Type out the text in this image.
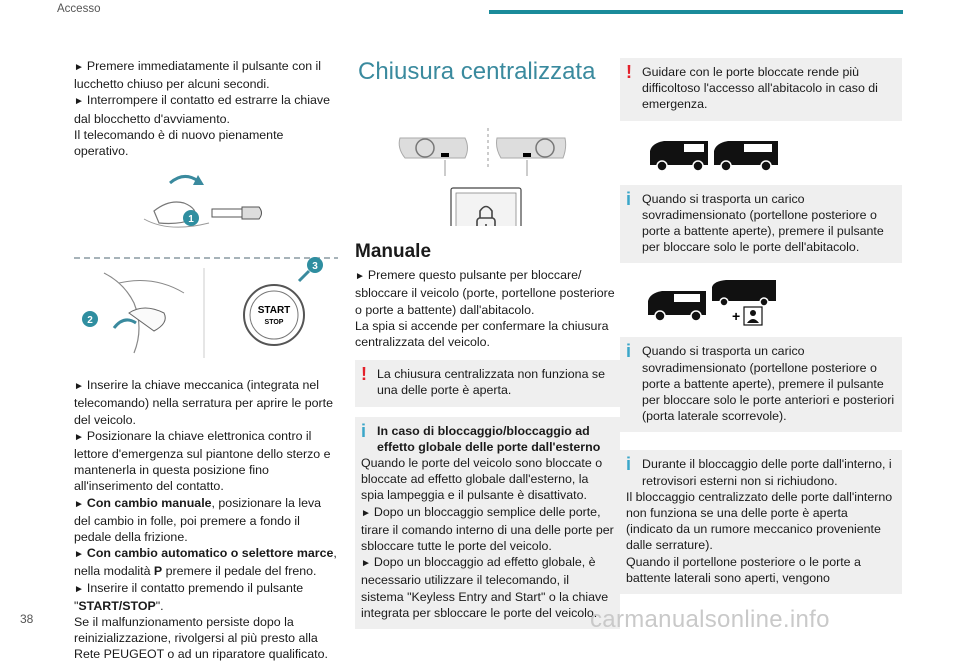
Accesso

► Premere immediatamente il pulsante con il lucchetto chiuso per alcuni secondi.

► Interrompere il contatto ed estrarre la chiave dal blocchetto d'avviamento.

Il telecomando è di nuovo pienamente operativo.

1
2
START
STOP
3

► Inserire la chiave meccanica (integrata nel telecomando) nella serratura per aprire le porte del veicolo.

► Posizionare la chiave elettronica contro il lettore d'emergenza sul piantone dello sterzo e mantenerla in questa posizione fino all'inserimento del contatto.

► Con cambio manuale, posizionare la leva del cambio in folle, poi premere a fondo il pedale della frizione.

► Con cambio automatico o selettore marce, nella modalità P premere il pedale del freno.

► Inserire il contatto premendo il pulsante "START/STOP".

Se il malfunzionamento persiste dopo la reinizializzazione, rivolgersi al più presto alla Rete PEUGEOT o ad un riparatore qualificato.

Chiusura centralizzata
Manuale

► Premere questo pulsante per bloccare/ sbloccare il veicolo (porte, portellone posteriore o porte a battente) dall'abitacolo.

La spia si accende per confermare la chiusura centralizzata del veicolo.

! La chiusura centralizzata non funziona se una delle porte è aperta.

i In caso di bloccaggio/bloccaggio ad effetto globale delle porte dall'esterno

Quando le porte del veicolo sono bloccate o bloccate ad effetto globale dall'esterno, la spia lampeggia e il pulsante è disattivato.

► Dopo un bloccaggio semplice delle porte, tirare il comando interno di una delle porte per sbloccare tutte le porte del veicolo.

► Dopo un bloccaggio ad effetto globale, è necessario utilizzare il telecomando, il sistema "Keyless Entry and Start" o la chiave integrata per sbloccare le porte del veicolo.

! Guidare con le porte bloccate rende più difficoltoso l'accesso all'abitacolo in caso di emergenza.

i Quando si trasporta un carico sovradimensionato (portellone posteriore o porte a battente aperte), premere il pulsante per bloccare solo le porte dell'abitacolo.

+
i Quando si trasporta un carico sovradimensionato (portellone posteriore o porte a battente aperte), premere il pulsante per bloccare solo le porte anteriori e posteriori (porta laterale scorrevole).

i Durante il bloccaggio delle porte dall'interno, i retrovisori esterni non si richiudono.

Il bloccaggio centralizzato delle porte dall'interno non funziona se una delle porte è aperta (indicato da un rumore meccanico proveniente dalle serrature).

Quando il portellone posteriore o le porte a battente laterali sono aperti, vengono

38	carmanualsonline.info
